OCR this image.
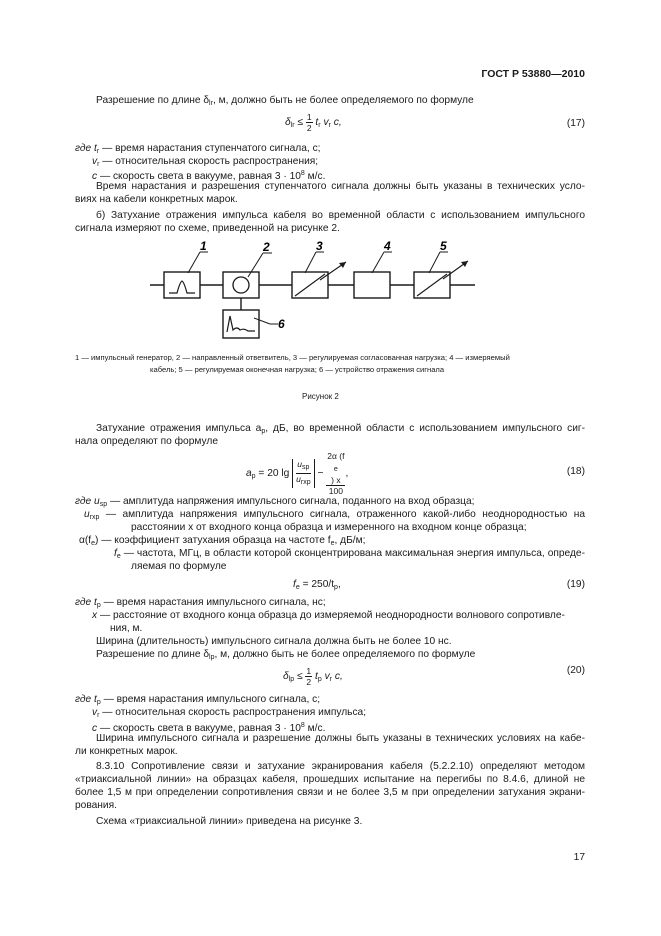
ГОСТ Р 53880—2010
Разрешение по длине $\delta_{lr}$, м, должно быть не более определяемого по формуле
$\delta_{lr} \le \frac{1}{2} t_r$ $v_r$ c,	(17)
где $t_r$ — время нарастания ступенчатого сигнала, с;
$v_r$ — относительная скорость распространения;
c — скорость света в вакууме, равная $3 \cdot 10^8$ м/с.
Время нарастания и разрешения ступенчатого сигнала должны быть указаны в технических усло-
виях на кабели конкретных марок.
б) Затухание отражения импульса кабеля во временной области с использованием импульсного
сигнала измеряют по схеме, приведенной на рисунке 2.
1	2	3	4	5
6
1 — импульсный генератор, 2 — направленный ответвитель, 3 — регулируемая согласованная нагрузка; 4 — измеряемый
кабель; 5 — регулируемая оконечная нагрузка; 6 — устройство отражения сигнала
Рисунок 2
Затухание отражения импульса $a_p$, дБ, во временной области с использованием импульсного сиг-
нала определяют по формуле
$a_p = 20$ $\lg \frac{u_{sp}}{u_{rxp}} - 2\alpha$ (f
$_e$
) x
100 ,	(18)
где $u_{sp}$ — амплитуда напряжения импульсного сигнала, поданного на вход образца;
$u_{rxp}$ — амплитуда напряжения импульсного сигнала, отраженного какой-либо неоднородностью на
расстоянии x от входного конца образца и измеренного на входном конце образца;
$\alpha(f_e)$ — коэффициент затухания образца на частоте $f_e$, дБ/м;
$f_e$ — частота, МГц, в области которой сконцентрирована максимальная энергия импульса, опреде-
ляемая по формуле
$f_e = 250/t_p$,	(19)
где $t_p$ — время нарастания импульсного сигнала, нс;
x — расстояние от входного конца образца до измеряемой неоднородности волнового сопротивле-
ния, м.
Ширина (длительность) импульсного сигнала должна быть не более 10 нс.
Разрешение по длине $\delta_{lp}$, м, должно быть не более определяемого по формуле
$\delta_{lp} \le \frac{1}{2} t_p$ $v_r$ c,
(20)
где $t_p$ — время нарастания импульсного сигнала, с;
$v_r$ — относительная скорость распространения импульса;
c — скорость света в вакууме, равная $3 \cdot 10^8$ м/с.
Ширина импульсного сигнала и разрешение должны быть указаны в технических условиях на кабе-
ли конкретных марок.
8.3.10 Сопротивление связи и затухание экранирования кабеля (5.2.2.10) определяют методом
«триаксиальной линии» на образцах кабеля, прошедших испытание на перегибы по 8.4.6, длиной не
более 1,5 м при определении сопротивления связи и не более 3,5 м при определении затухания экрани-
рования.
Схема «триаксиальной линии» приведена на рисунке 3.
17
